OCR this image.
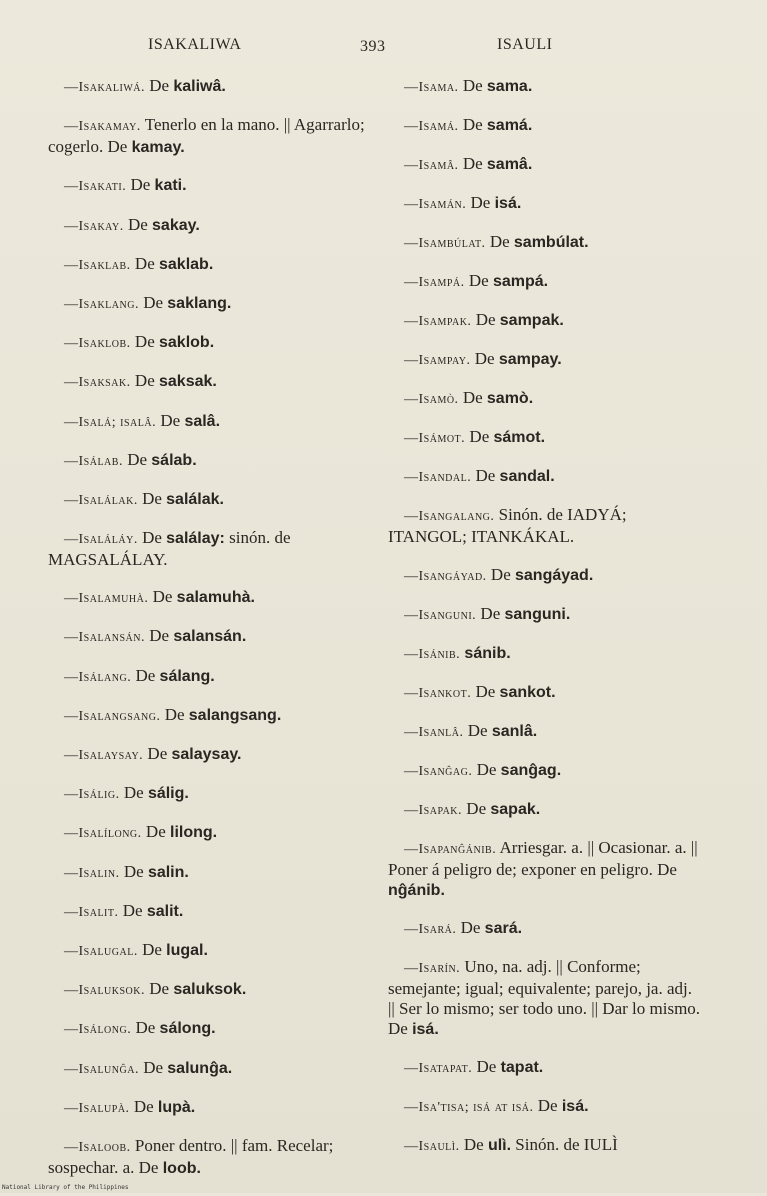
ISAKALIWA	393	ISAULI
—Isakaliwá. De kaliwâ.
—Isakamay. Tenerlo en la mano. || Agarrarlo; cogerlo. De kamay.
—Isakati. De kati.
—Isakay. De sakay.
—Isaklab. De saklab.
—Isaklang. De saklang.
—Isaklob. De saklob.
—Isaksak. De saksak.
—Isalá; isalâ. De salâ.
—Isálab. De sálab.
—Isalálak. De salálak.
—Isaláláy. De salálay: sinón. de MAGSALÁLAY.
—Isalamuhà. De salamuhà.
—Isalansán. De salansán.
—Isálang. De sálang.
—Isalangsang. De salangsang.
—Isalaysay. De salaysay.
—Isálig. De sálig.
—Isalílong. De lilong.
—Isalin. De salin.
—Isalit. De salit.
—Isalugal. De lugal.
—Isaluksok. De saluksok.
—Isálong. De sálong.
—Isalunĝa. De salunĝa.
—Isalupà. De lupà.
—Isaloob. Poner dentro. || fam. Recelar; sospechar. a. De loob.
—Isama. De sama.
—Isamá. De samá.
—Isamâ. De samâ.
—Isamán. De isá.
—Isambúlat. De sambúlat.
—Isampá. De sampá.
—Isampak. De sampak.
—Isampay. De sampay.
—Isamò. De samò.
—Isámot. De sámot.
—Isandal. De sandal.
—Isangalang. Sinón. de IADYÁ; ITANGOL; ITANKÁKAL.
—Isangáyad. De sangáyad.
—Isanguni. De sanguni.
—Isánib. sánib.
—Isankot. De sankot.
—Isanlâ. De sanlâ.
—Isanĝag. De sanĝag.
—Isapak. De sapak.
—Isapanĝánib. Arriesgar. a. || Ocasionar. a. || Poner á peligro de; exponer en peligro. De nĝánib.
—Isará. De sará.
—Isarín. Uno, na. adj. || Conforme; semejante; igual; equivalente; parejo, ja. adj. || Ser lo mismo; ser todo uno. || Dar lo mismo. De isá.
—Isatapat. De tapat.
—Isa'tisa; isá at isá. De isá.
—Isaulì. De ulì. Sinón. de IULÌ
National Library of the Philippines
